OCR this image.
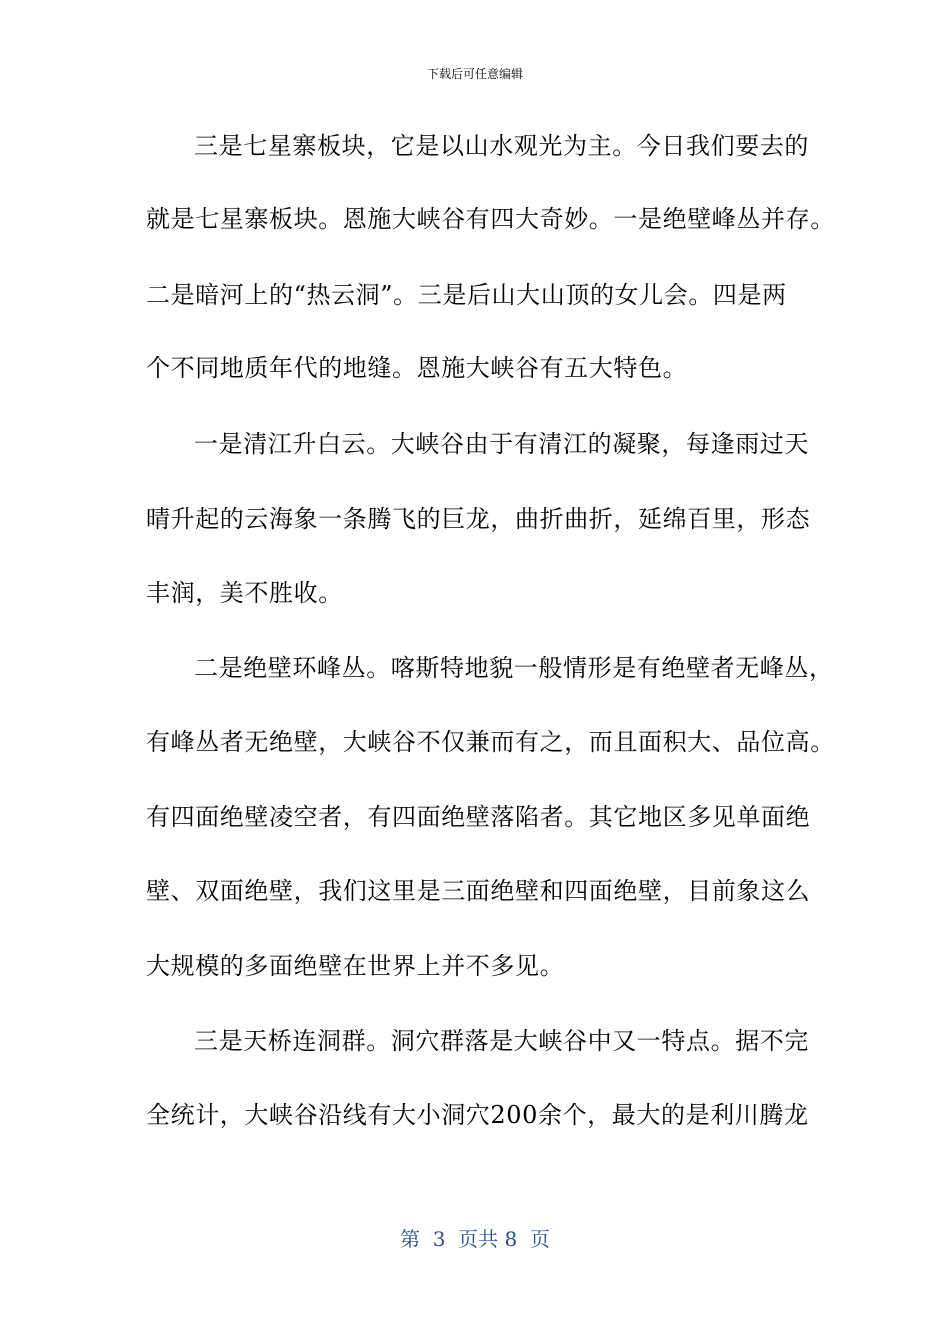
下载后可任意编辑
三是七星寨板块，它是以山水观光为主。今日我们要去的
就是七星寨板块。恩施大峡谷有四大奇妙。一是绝壁峰丛并存。
二是暗河上的“热云洞”。三是后山大山顶的女儿会。四是两
个不同地质年代的地缝。恩施大峡谷有五大特色。
一是清江升白云。大峡谷由于有清江的凝聚，每逢雨过天
晴升起的云海象一条腾飞的巨龙，曲折曲折，延绵百里，形态
丰润，美不胜收。
二是绝壁环峰丛。喀斯特地貌一般情形是有绝壁者无峰丛，
有峰丛者无绝壁，大峡谷不仅兼而有之，而且面积大、品位高。
有四面绝壁凌空者，有四面绝壁落陷者。其它地区多见单面绝
壁、双面绝壁，我们这里是三面绝壁和四面绝壁，目前象这么
大规模的多面绝壁在世界上并不多见。
三是天桥连洞群。洞穴群落是大峡谷中又一特点。据不完
全统计，大峡谷沿线有大小洞穴200余个，最大的是利川腾龙
第  3  页共 8  页
